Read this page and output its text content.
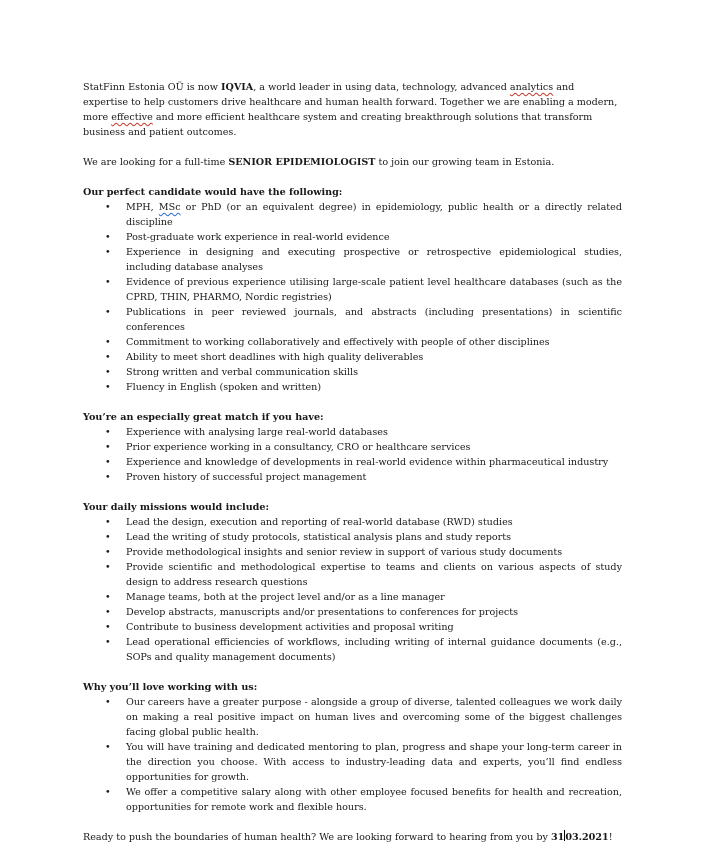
StatFinn Estonia OÜ is now IQVIA, a world leader in using data, technology, advanced analytics and expertise to help customers drive healthcare and human health forward. Together we are enabling a modern, more effective and more efficient healthcare system and creating breakthrough solutions that transform business and patient outcomes.

We are looking for a full-time SENIOR EPIDEMIOLOGIST to join our growing team in Estonia.

Our perfect candidate would have the following:

• MPH, MSc or PhD (or an equivalent degree) in epidemiology, public health or a directly related discipline
• Post-graduate work experience in real-world evidence
• Experience in designing and executing prospective or retrospective epidemiological studies, including database analyses
• Evidence of previous experience utilising large-scale patient level healthcare databases (such as the CPRD, THIN, PHARMO, Nordic registries)
• Publications in peer reviewed journals, and abstracts (including presentations) in scientific conferences
• Commitment to working collaboratively and effectively with people of other disciplines
• Ability to meet short deadlines with high quality deliverables
• Strong written and verbal communication skills
• Fluency in English (spoken and written)

You’re an especially great match if you have:

• Experience with analysing large real-world databases
• Prior experience working in a consultancy, CRO or healthcare services
• Experience and knowledge of developments in real-world evidence within pharmaceutical industry
• Proven history of successful project management

Your daily missions would include:

• Lead the design, execution and reporting of real-world database (RWD) studies
• Lead the writing of study protocols, statistical analysis plans and study reports
• Provide methodological insights and senior review in support of various study documents
• Provide scientific and methodological expertise to teams and clients on various aspects of study design to address research questions
• Manage teams, both at the project level and/or as a line manager
• Develop abstracts, manuscripts and/or presentations to conferences for projects
• Contribute to business development activities and proposal writing
• Lead operational efficiencies of workflows, including writing of internal guidance documents (e.g., SOPs and quality management documents)

Why you’ll love working with us:

• Our careers have a greater purpose - alongside a group of diverse, talented colleagues we work daily on making a real positive impact on human lives and overcoming some of the biggest challenges facing global public health.
• You will have training and dedicated mentoring to plan, progress and shape your long-term career in the direction you choose. With access to industry-leading data and experts, you’ll find endless opportunities for growth.
• We offer a competitive salary along with other employee focused benefits for health and recreation, opportunities for remote work and flexible hours.

Ready to push the boundaries of human health? We are looking forward to hearing from you by 3103.2021!
